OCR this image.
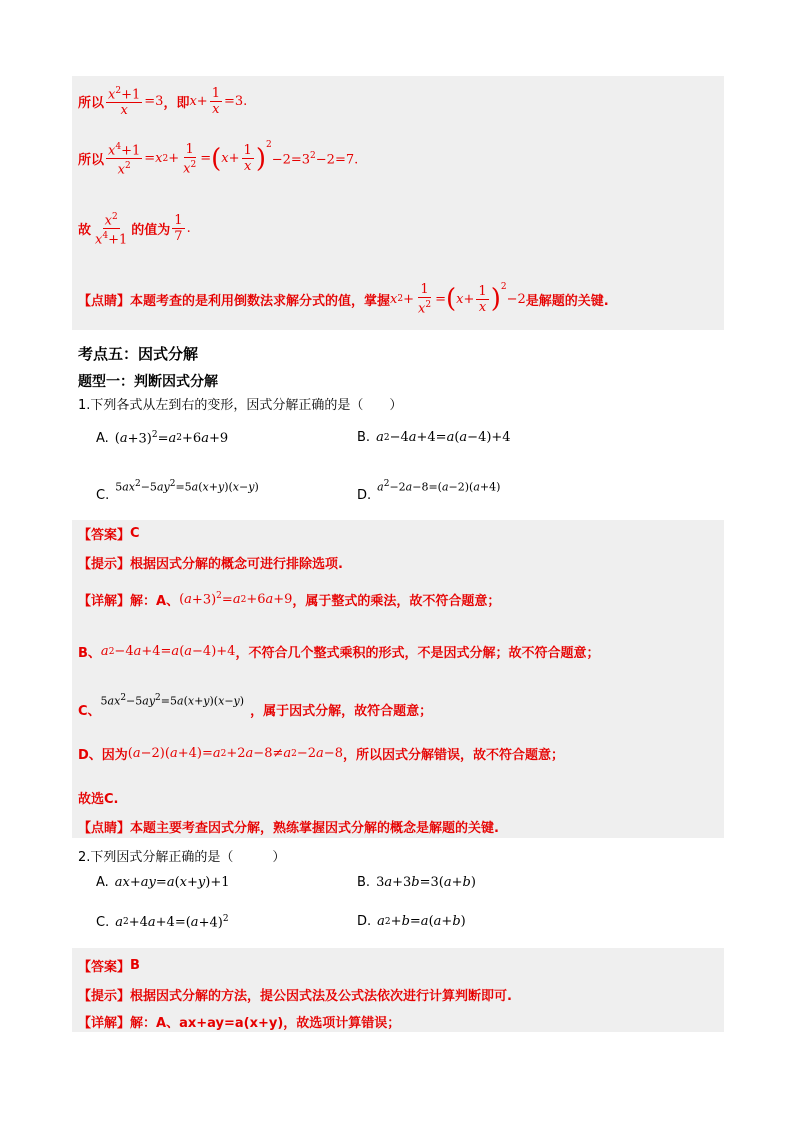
所以 $\frac{x^2+1}{x} =3$ ，即 $x + \frac{1}{x} =3$.
所以 $\frac{x^4+1}{x^2} = x$ $2 + \frac{1}{x^2}$ = ( $x + \frac{1}{x} )^2$
$-2=3^2-2=7$.
故 $\frac{x^2}{x^4+1}$ 的值为 $\frac{1}{7}$ .
【点睛】 本题考查的是利用倒数法求解分式的值，掌握 x $2 + \frac{1}{x^2}$ = ( $x + \frac{1}{x} )^2$
−2 是解题的关键.
考点五：因式分解
题型一：判断因式分解
1.下列各式从左到右的变形，因式分解正确的是（　　）
A. ( a +3)$^2$= a 2 +6 a +9	B. a 2 −4 a +4= a ( a −4)+4
C.
$5ax^2-5ay^2=5a(x+y)(x-y)$
D.
$a^2-2a-8=(a-2)(a+4)$
【答案】 C
【提示】 根据因式分解的概念可进行排除选项.
【详解】 解：A、 ( a +3)$^2$= a 2 +6 a +9 ，属于整式的乘法，故不符合题意；
B、 a 2 −4 a +4= a ( a −4)+4 ，不符合几个整式乘积的形式，不是因式分解；故不符合题意；
C、
$5ax^2-5ay^2=5a(x+y)(x-y)$
，属于因式分解，故符合题意；
D、因为 ( a −2)( a +4)= a 2 +2 a −8≠ a 2 −2 a −8 ，所以因式分解错误，故不符合题意；
故选C.
【点睛】 本题主要考查因式分解，熟练掌握因式分解的概念是解题的关键.
2.下列因式分解正确的是（　　　）
A. ax + ay = a ( x + y )+1	B. 3 a +3 b =3( a + b )
C. a 2 +4 a +4=( a +4)$^2$	D. a 2 + b = a ( a + b )
【答案】 B
【提示】 根据因式分解的方法，提公因式法及公式法依次进行计算判断即可.
【详解】 解：A、ax+ay=a(x+y)，故选项计算错误；
